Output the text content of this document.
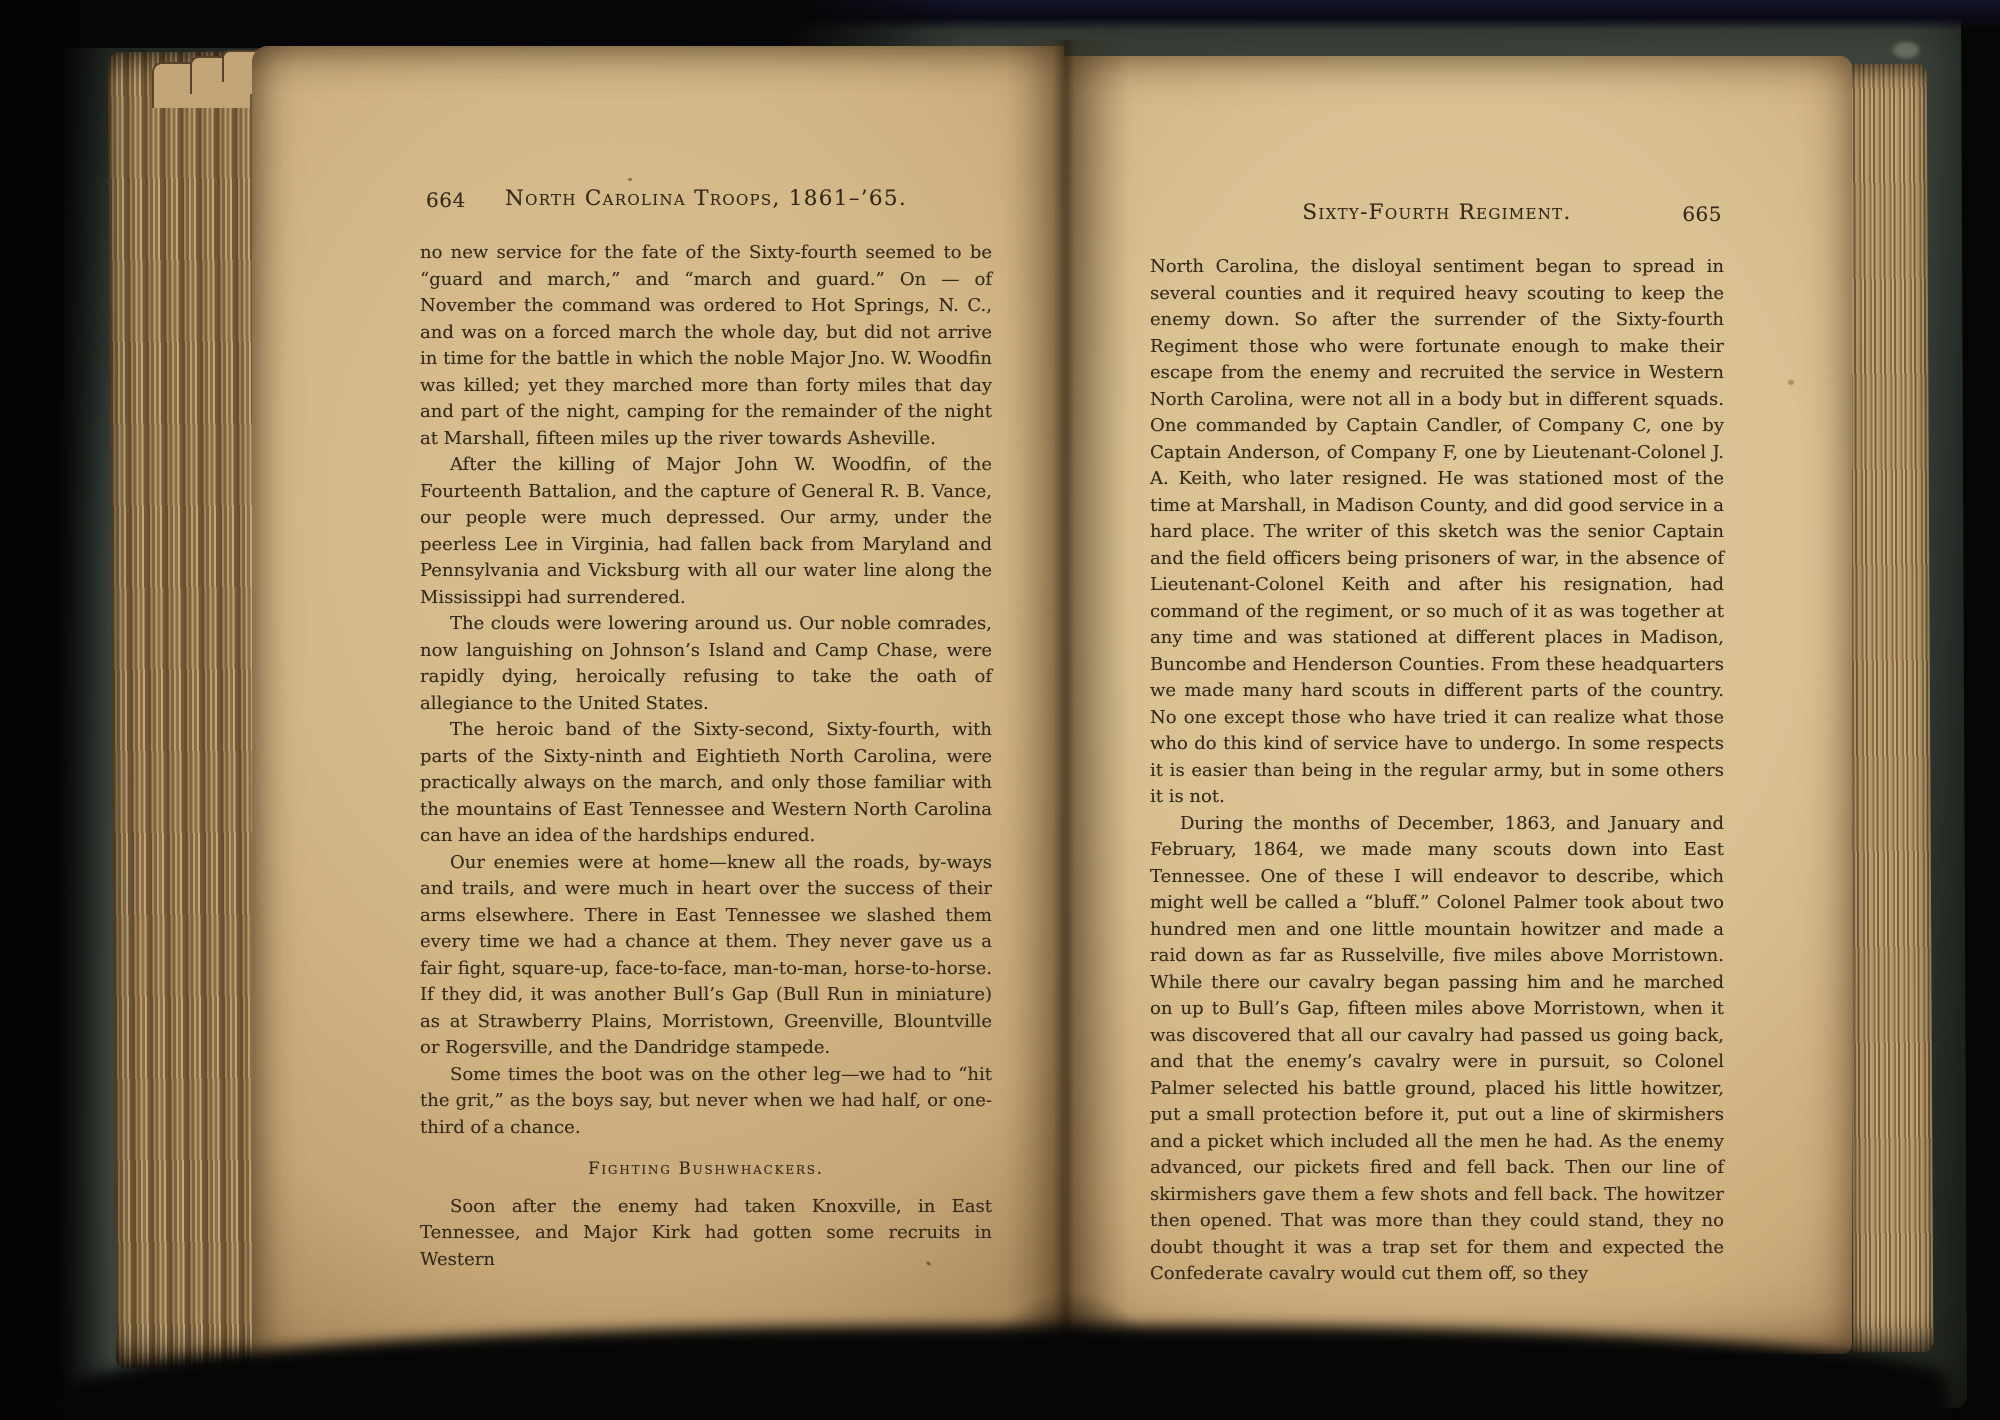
664 North Carolina Troops, 1861–’65.

no new service for the fate of the Sixty-fourth seemed to be “guard and march,” and “march and guard.” On — of November the command was ordered to Hot Springs, N. C., and was on a forced march the whole day, but did not arrive in time for the battle in which the noble Major Jno. W. Woodfin was killed; yet they marched more than forty miles that day and part of the night, camping for the remainder of the night at Marshall, fifteen miles up the river towards Asheville.

After the killing of Major John W. Woodfin, of the Fourteenth Battalion, and the capture of General R. B. Vance, our people were much depressed. Our army, under the peerless Lee in Virginia, had fallen back from Maryland and Pennsylvania and Vicksburg with all our water line along the Mississippi had surrendered.

The clouds were lowering around us. Our noble comrades, now languishing on Johnson’s Island and Camp Chase, were rapidly dying, heroically refusing to take the oath of allegiance to the United States.

The heroic band of the Sixty-second, Sixty-fourth, with parts of the Sixty-ninth and Eightieth North Carolina, were practically always on the march, and only those familiar with the mountains of East Tennessee and Western North Carolina can have an idea of the hardships endured.

Our enemies were at home—knew all the roads, by-ways and trails, and were much in heart over the success of their arms elsewhere. There in East Tennessee we slashed them every time we had a chance at them. They never gave us a fair fight, square-up, face-to-face, man-to-man, horse-to-horse. If they did, it was another Bull’s Gap (Bull Run in miniature) as at Strawberry Plains, Morristown, Greenville, Blountville or Rogersville, and the Dandridge stampede.

Some times the boot was on the other leg—we had to “hit the grit,” as the boys say, but never when we had half, or one-third of a chance.

Fighting Bushwhackers.

Soon after the enemy had taken Knoxville, in East Tennessee, and Major Kirk had gotten some recruits in Western

Sixty-Fourth Regiment.	665

North Carolina, the disloyal sentiment began to spread in several counties and it required heavy scouting to keep the enemy down. So after the surrender of the Sixty-fourth Regiment those who were fortunate enough to make their escape from the enemy and recruited the service in Western North Carolina, were not all in a body but in different squads. One commanded by Captain Candler, of Company C, one by Captain Anderson, of Company F, one by Lieutenant-Colonel J. A. Keith, who later resigned. He was stationed most of the time at Marshall, in Madison County, and did good service in a hard place. The writer of this sketch was the senior Captain and the field officers being prisoners of war, in the absence of Lieutenant-Colonel Keith and after his resignation, had command of the regiment, or so much of it as was together at any time and was stationed at different places in Madison, Buncombe and Henderson Counties. From these headquarters we made many hard scouts in different parts of the country. No one except those who have tried it can realize what those who do this kind of service have to undergo. In some respects it is easier than being in the regular army, but in some others it is not.

During the months of December, 1863, and January and February, 1864, we made many scouts down into East Tennessee. One of these I will endeavor to describe, which might well be called a “bluff.” Colonel Palmer took about two hundred men and one little mountain howitzer and made a raid down as far as Russelville, five miles above Morristown. While there our cavalry began passing him and he marched on up to Bull’s Gap, fifteen miles above Morristown, when it was discovered that all our cavalry had passed us going back, and that the enemy’s cavalry were in pursuit, so Colonel Palmer selected his battle ground, placed his little howitzer, put a small protection before it, put out a line of skirmishers and a picket which included all the men he had. As the enemy advanced, our pickets fired and fell back. Then our line of skirmishers gave them a few shots and fell back. The howitzer then opened. That was more than they could stand, they no doubt thought it was a trap set for them and expected the Confederate cavalry would cut them off, so they
